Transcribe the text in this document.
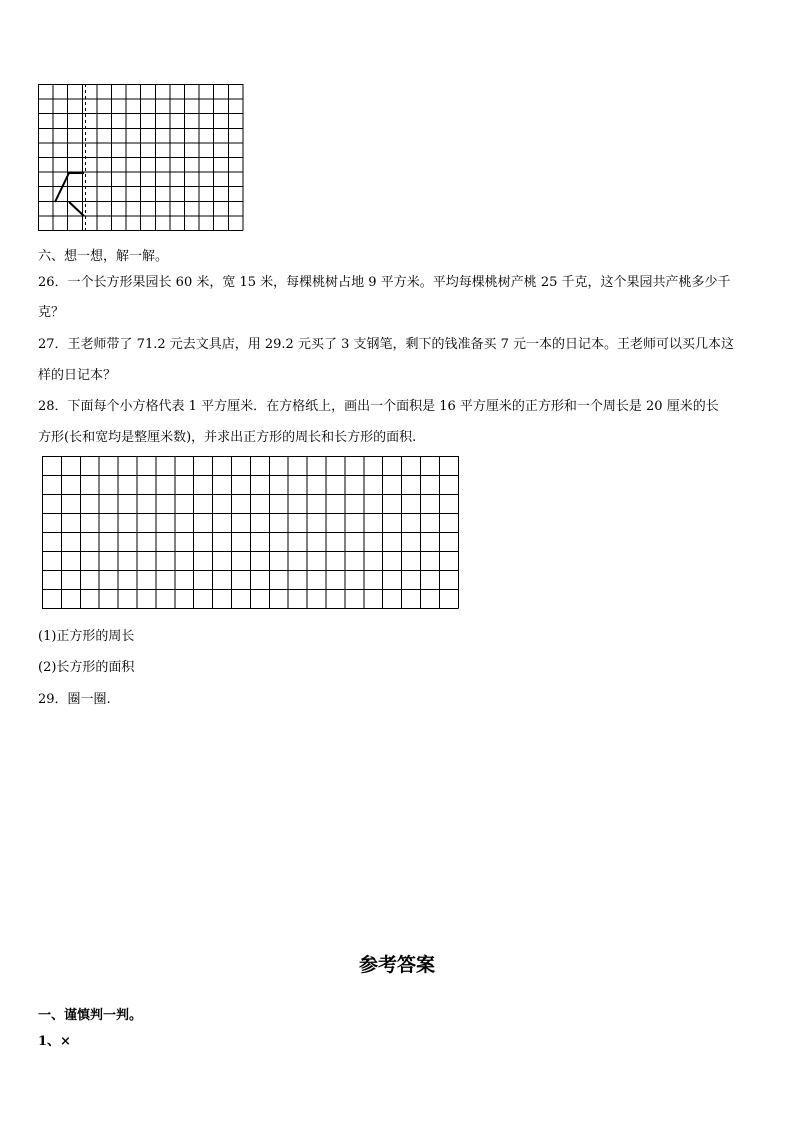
六、想一想，解一解。
26．一个长方形果园长 60 米，宽 15 米，每棵桃树占地 9 平方米。平均每棵桃树产桃 25 千克，这个果园共产桃多少千
克？
27．王老师带了 71.2 元去文具店，用 29.2 元买了 3 支钢笔，剩下的钱准备买 7 元一本的日记本。王老师可以买几本这
样的日记本？
28．下面每个小方格代表 1 平方厘米．在方格纸上，画出一个面积是 16 平方厘米的正方形和一个周长是 20 厘米的长
方形(长和宽均是整厘米数)，并求出正方形的周长和长方形的面积.
(1)正方形的周长
(2)长方形的面积
29．圈一圈.
参考答案
一、谨慎判一判。
1、×
